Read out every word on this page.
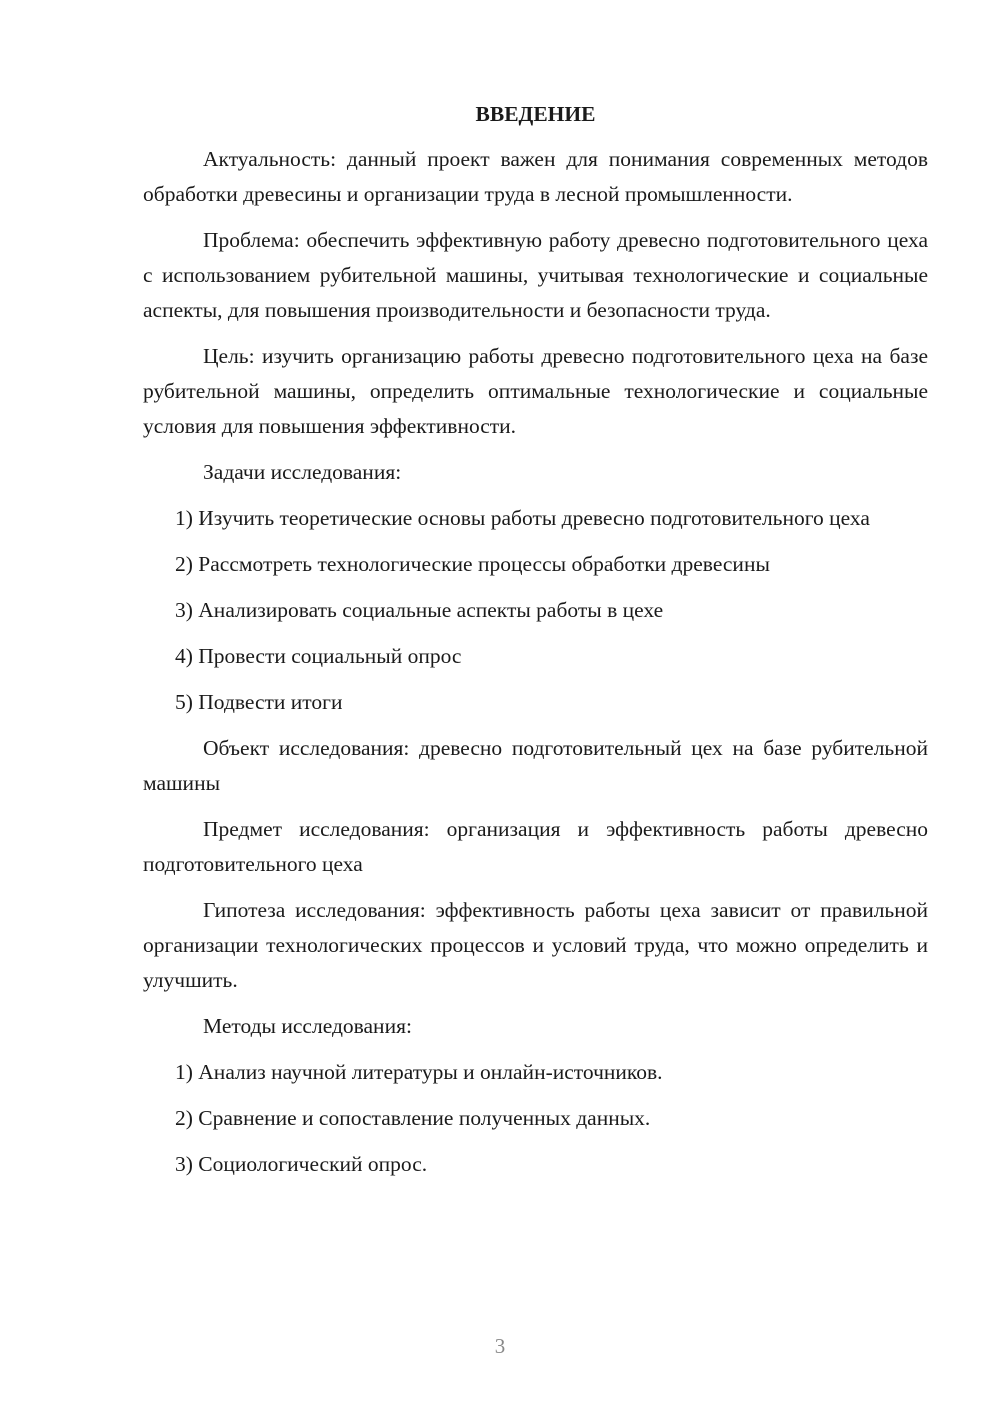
ВВЕДЕНИЕ

Актуальность: данный проект важен для понимания современных методов обработки древесины и организации труда в лесной промышленности.

Проблема: обеспечить эффективную работу древесно подготовительного цеха с использованием рубительной машины, учитывая технологические и социальные аспекты, для повышения производительности и безопасности труда.

Цель: изучить организацию работы древесно подготовительного цеха на базе рубительной машины, определить оптимальные технологические и социальные условия для повышения эффективности.

Задачи исследования:

1) Изучить теоретические основы работы древесно подготовительного цеха

2) Рассмотреть технологические процессы обработки древесины

3) Анализировать социальные аспекты работы в цехе

4) Провести социальный опрос

5) Подвести итоги

Объект исследования: древесно подготовительный цех на базе рубительной машины

Предмет исследования: организация и эффективность работы древесно подготовительного цеха

Гипотеза исследования: эффективность работы цеха зависит от правильной организации технологических процессов и условий труда, что можно определить и улучшить.

Методы исследования:

1) Анализ научной литературы и онлайн-источников.

2) Сравнение и сопоставление полученных данных.

3) Социологический опрос.

3
